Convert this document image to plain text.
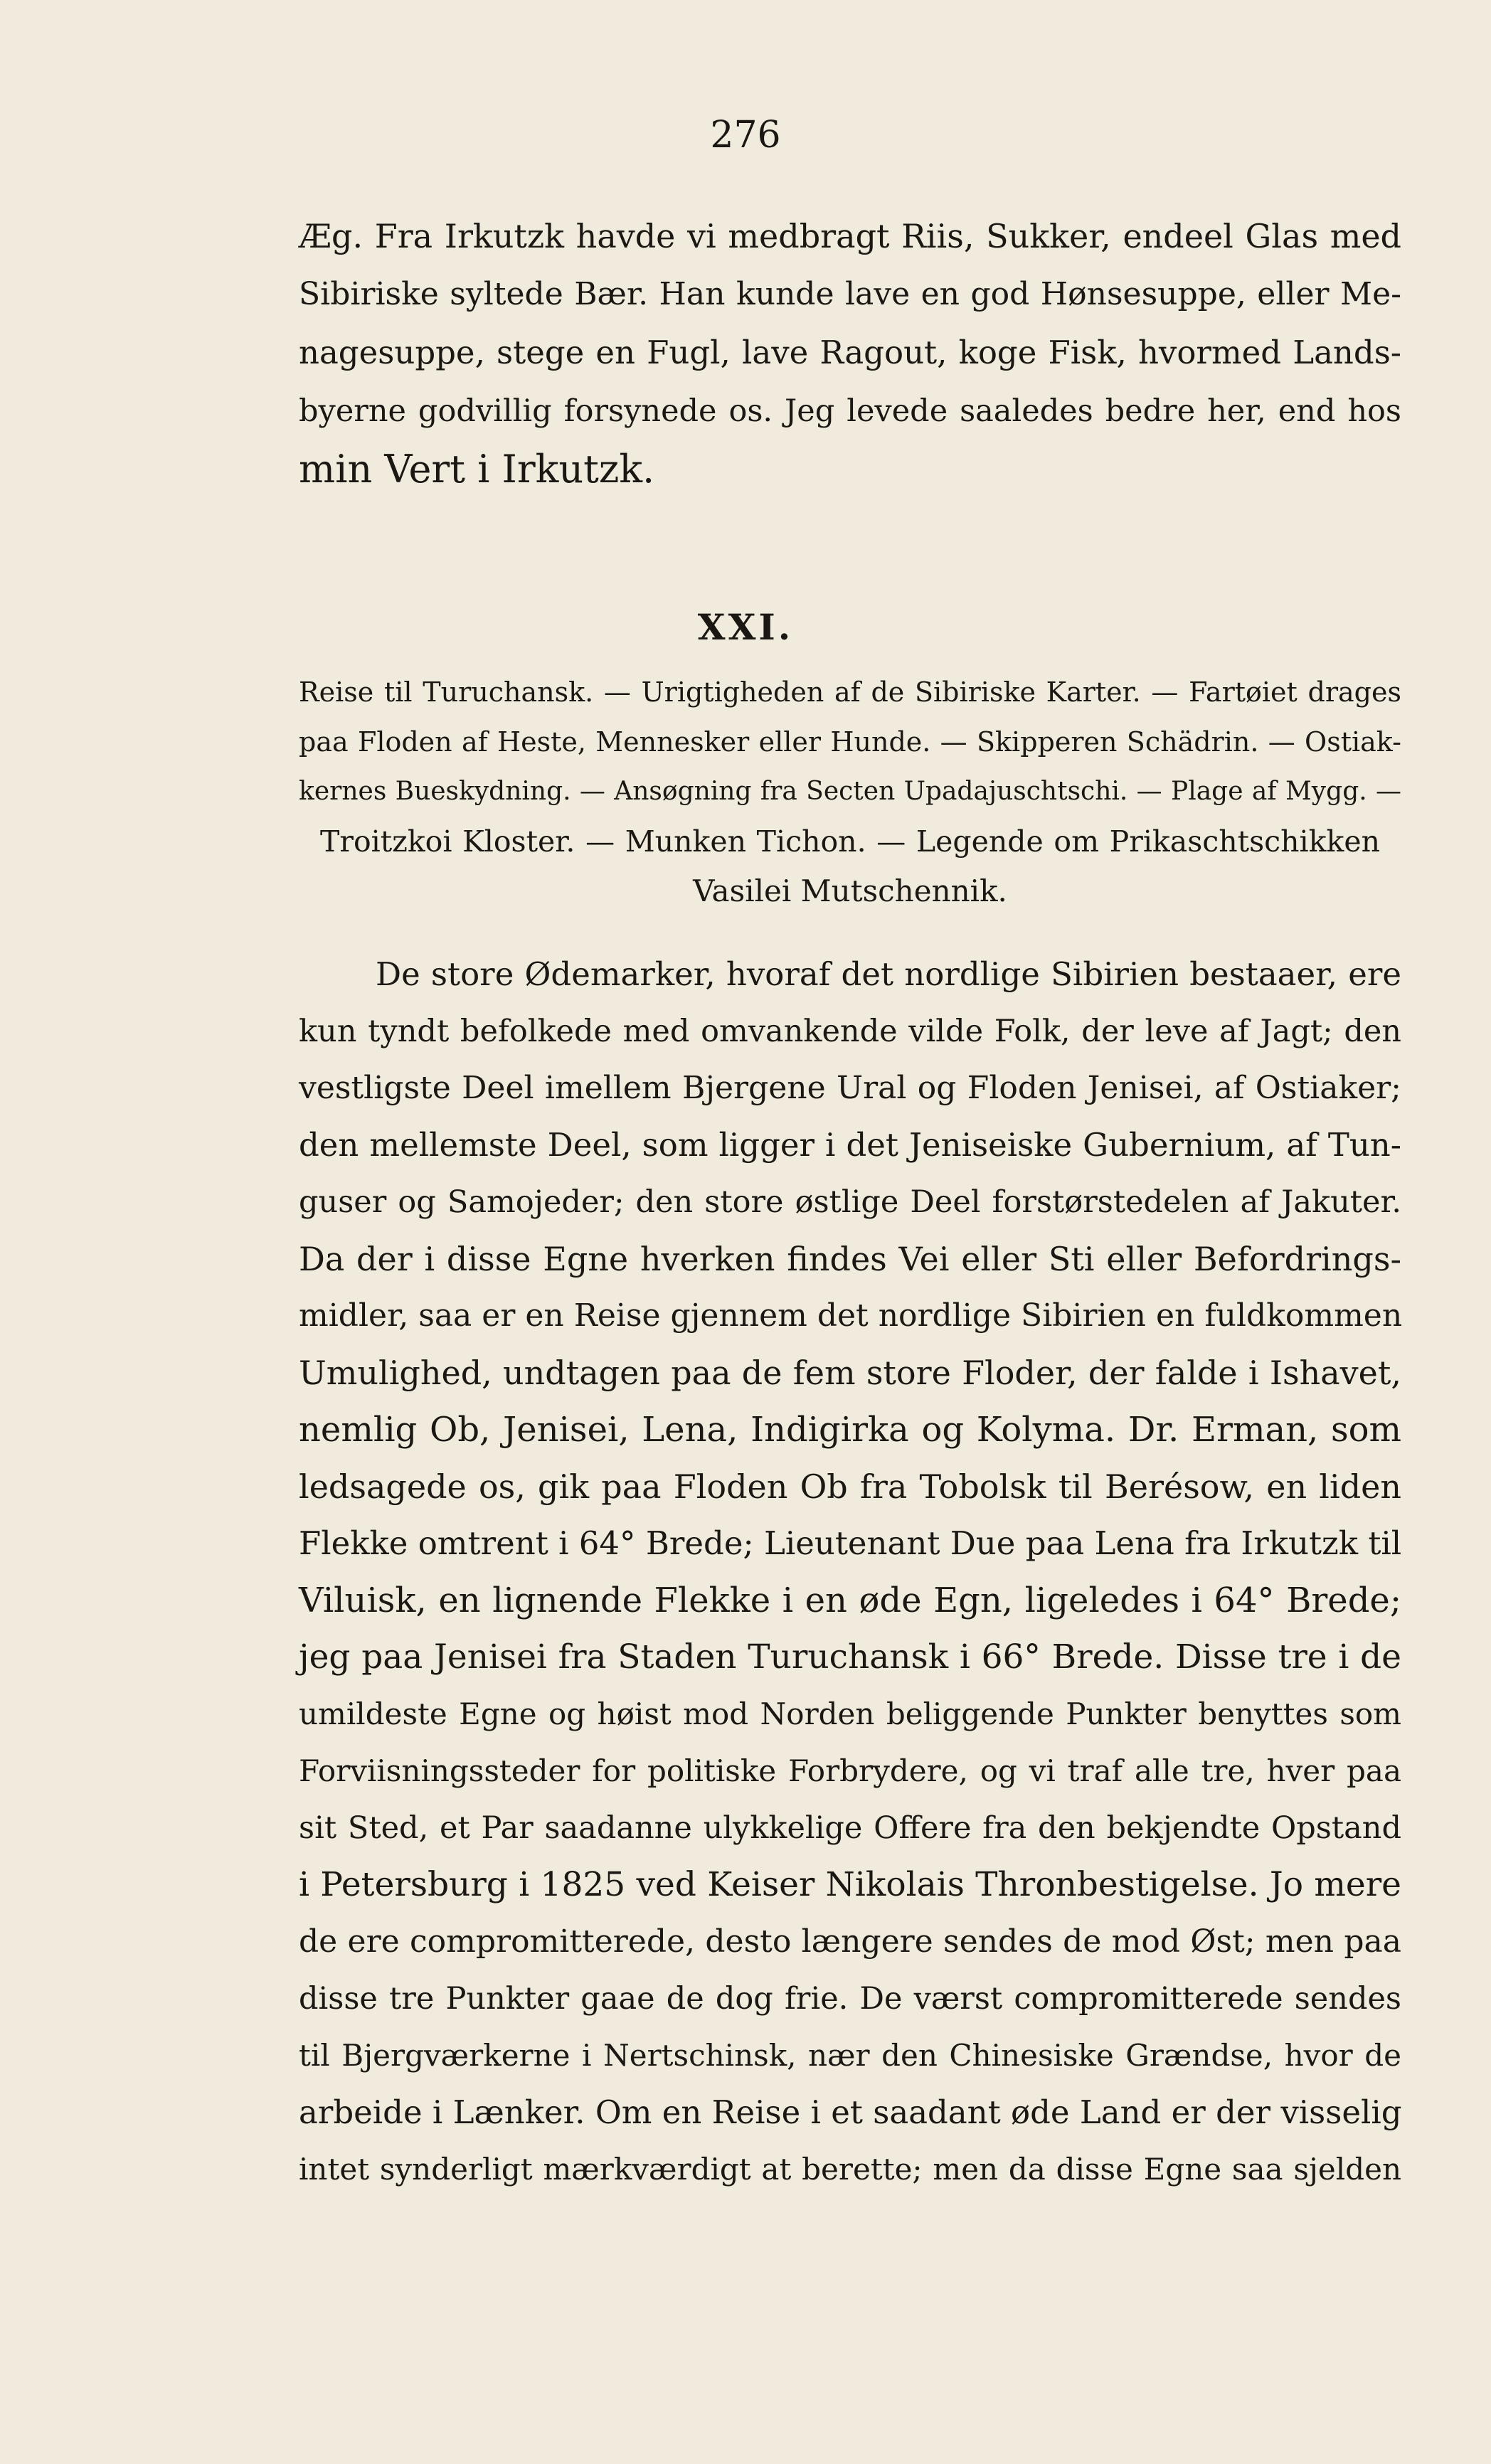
276
Æg. Fra Irkutzk havde vi medbragt Riis, Sukker, endeel Glas med
Sibiriske syltede Bær. Han kunde lave en god Hønsesuppe, eller Me-
nagesuppe, stege en Fugl, lave Ragout, koge Fisk, hvormed Lands-
byerne godvillig forsynede os. Jeg levede saaledes bedre her, end hos
min Vert i Irkutzk.
XXI.
Reise til Turuchansk. — Urigtigheden af de Sibiriske Karter. — Fartøiet drages
paa Floden af Heste, Mennesker eller Hunde. — Skipperen Schädrin. — Ostiak-
kernes Bueskydning. — Ansøgning fra Secten Upadajuschtschi. — Plage af Mygg. —
Troitzkoi Kloster. — Munken Tichon. — Legende om Prikaschtschikken
Vasilei Mutschennik.
De store Ødemarker, hvoraf det nordlige Sibirien bestaaer, ere
kun tyndt befolkede med omvankende vilde Folk, der leve af Jagt; den
vestligste Deel imellem Bjergene Ural og Floden Jenisei, af Ostiaker;
den mellemste Deel, som ligger i det Jeniseiske Gubernium, af Tun-
guser og Samojeder; den store østlige Deel forstørstedelen af Jakuter.
Da der i disse Egne hverken findes Vei eller Sti eller Befordrings-
midler, saa er en Reise gjennem det nordlige Sibirien en fuldkommen
Umulighed, undtagen paa de fem store Floder, der falde i Ishavet,
nemlig Ob, Jenisei, Lena, Indigirka og Kolyma. Dr. Erman, som
ledsagede os, gik paa Floden Ob fra Tobolsk til Berésow, en liden
Flekke omtrent i 64° Brede; Lieutenant Due paa Lena fra Irkutzk til
Viluisk, en lignende Flekke i en øde Egn, ligeledes i 64° Brede;
jeg paa Jenisei fra Staden Turuchansk i 66° Brede. Disse tre i de
umildeste Egne og høist mod Norden beliggende Punkter benyttes som
Forviisningssteder for politiske Forbrydere, og vi traf alle tre, hver paa
sit Sted, et Par saadanne ulykkelige Offere fra den bekjendte Opstand
i Petersburg i 1825 ved Keiser Nikolais Thronbestigelse. Jo mere
de ere compromitterede, desto længere sendes de mod Øst; men paa
disse tre Punkter gaae de dog frie. De værst compromitterede sendes
til Bjergværkerne i Nertschinsk, nær den Chinesiske Grændse, hvor de
arbeide i Lænker. Om en Reise i et saadant øde Land er der visselig
intet synderligt mærkværdigt at berette; men da disse Egne saa sjelden
